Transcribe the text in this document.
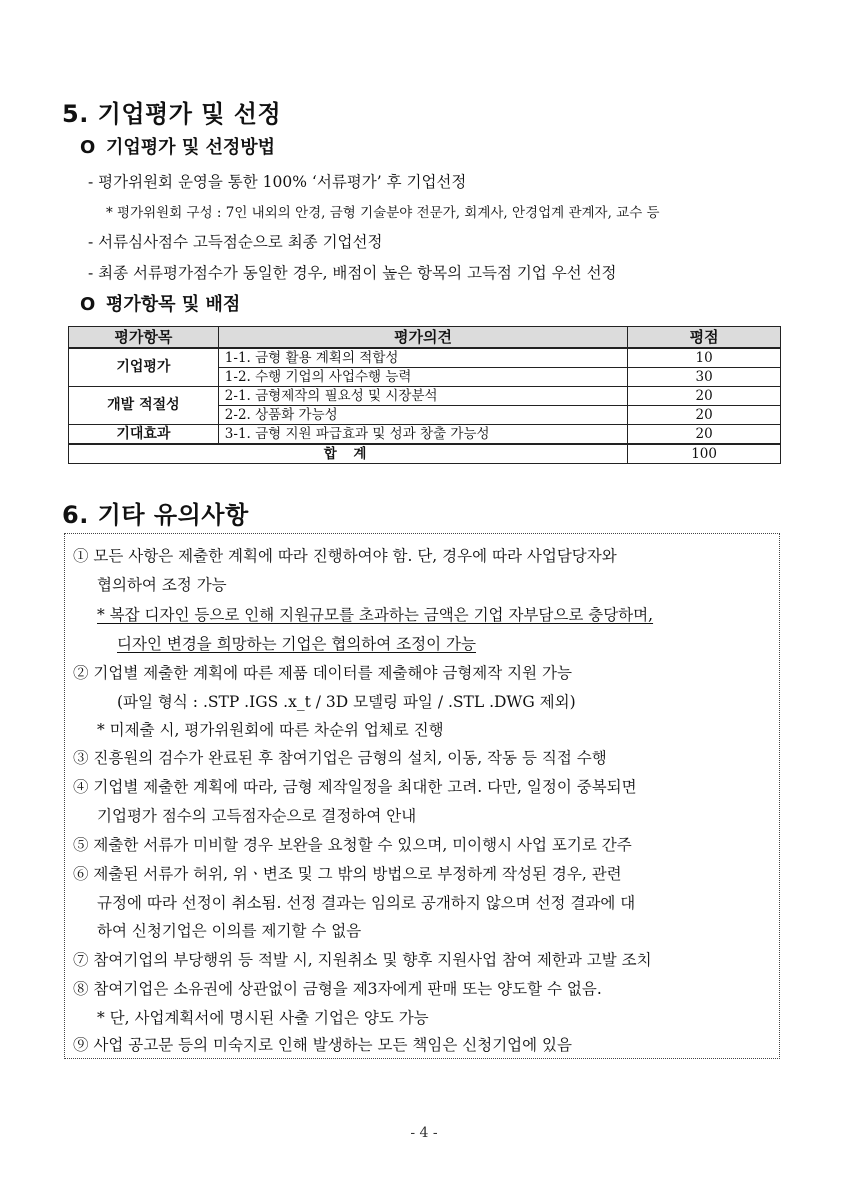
5. 기업평가 및 선정
O 기업평가 및 선정방법
- 평가위원회 운영을 통한 100% ‘서류평가’ 후 기업선정
* 평가위원회 구성 : 7인 내외의 안경, 금형 기술분야 전문가, 회계사, 안경업계 관계자, 교수 등
- 서류심사점수 고득점순으로 최종 기업선정
- 최종 서류평가점수가 동일한 경우, 배점이 높은 항목의 고득점 기업 우선 선정
O 평가항목 및 배점
평가항목	평가의견	평점
기업평가	1-1. 금형 활용 계획의 적합성	10
	1-2. 수행 기업의 사업수행 능력	30
개발 적절성	2-1. 금형제작의 필요성 및 시장분석	20
	2-2. 상품화 가능성	20
기대효과	3-1. 금형 지원 파급효과 및 성과 창출 가능성	20
합 계		100
6. 기타 유의사항
① 모든 사항은 제출한 계획에 따라 진행하여야 함. 단, 경우에 따라 사업담당자와
협의하여 조정 가능
* 복잡 디자인 등으로 인해 지원규모를 초과하는 금액은 기업 자부담으로 충당하며,
디자인 변경을 희망하는 기업은 협의하여 조정이 가능
② 기업별 제출한 계획에 따른 제품 데이터를 제출해야 금형제작 지원 가능
(파일 형식 : .STP .IGS .x_t / 3D 모델링 파일 / .STL .DWG 제외)
* 미제출 시, 평가위원회에 따른 차순위 업체로 진행
③ 진흥원의 검수가 완료된 후 참여기업은 금형의 설치, 이동, 작동 등 직접 수행
④ 기업별 제출한 계획에 따라, 금형 제작일정을 최대한 고려. 다만, 일정이 중복되면
기업평가 점수의 고득점자순으로 결정하여 안내
⑤ 제출한 서류가 미비할 경우 보완을 요청할 수 있으며, 미이행시 사업 포기로 간주
⑥ 제출된 서류가 허위, 위ㆍ변조 및 그 밖의 방법으로 부정하게 작성된 경우, 관련
규정에 따라 선정이 취소됨. 선정 결과는 임의로 공개하지 않으며 선정 결과에 대
하여 신청기업은 이의를 제기할 수 없음
⑦ 참여기업의 부당행위 등 적발 시, 지원취소 및 향후 지원사업 참여 제한과 고발 조치
⑧ 참여기업은 소유권에 상관없이 금형을 제3자에게 판매 또는 양도할 수 없음.
* 단, 사업계획서에 명시된 사출 기업은 양도 가능
⑨ 사업 공고문 등의 미숙지로 인해 발생하는 모든 책임은 신청기업에 있음
- 4 -
